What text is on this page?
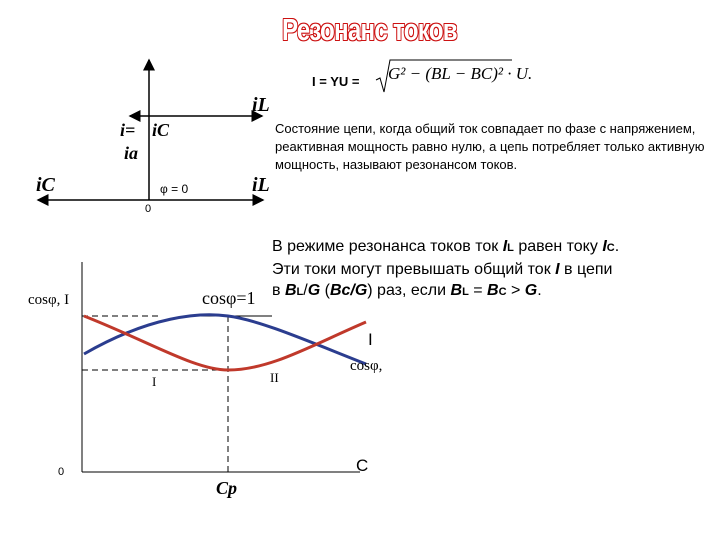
Резонанс токов
I = YU = G² − (BL − BC)² · U.
iL
i= iC
ia
iC	φ = 0	iL
0
Состояние цепи, когда общий ток совпадает по фазе с напряжением, реактивная мощность равно нулю, а цепь потребляет только активную мощность, называют резонансом токов.
В режиме резонанса токов ток IL равен току IC.
Эти токи могут превышать общий ток I в цепи
в BL/G (Bc/G) раз, если BL = BC > G.
cosφ, I	cosφ=1
I
cosφ,
I	II
0	C
Cр
